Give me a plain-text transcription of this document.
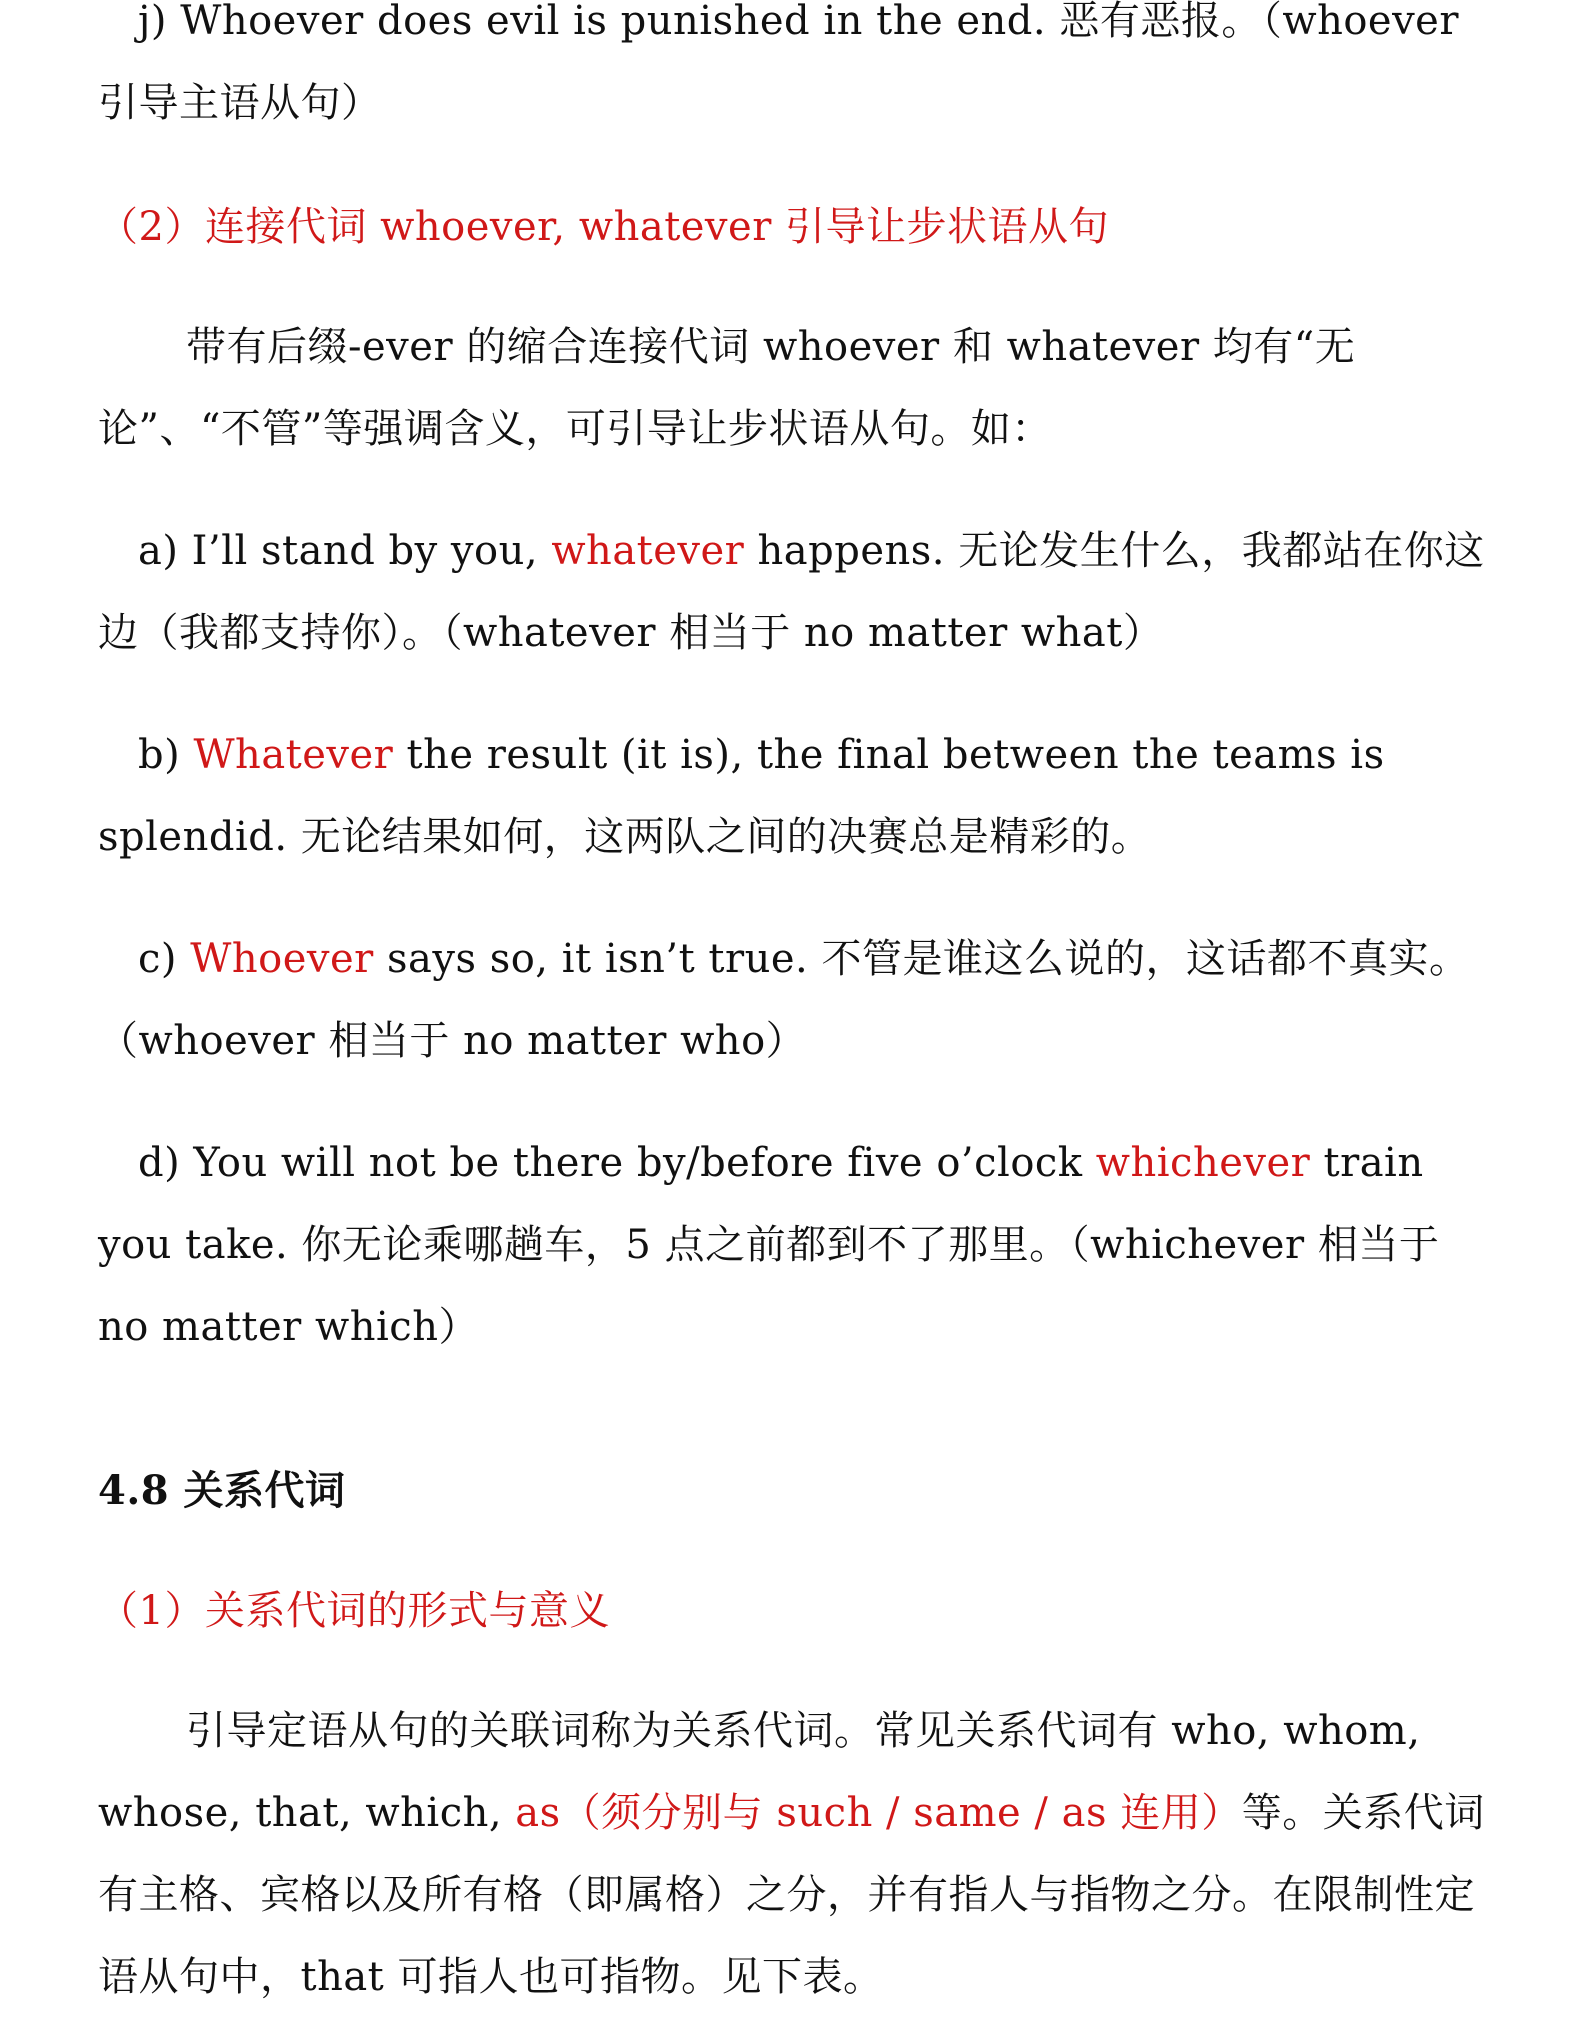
j) Whoever does evil is punished in the end. 恶有恶报。（whoever 引导主语从句）

（2）连接代词 whoever, whatever 引导让步状语从句

带有后缀-ever 的缩合连接代词 whoever 和 whatever 均有“无论”、“不管”等强调含义，可引导让步状语从句。如：

a) I’ll stand by you, whatever happens. 无论发生什么，我都站在你这边（我都支持你）。（whatever 相当于 no matter what）

b) Whatever the result (it is), the final between the teams is splendid. 无论结果如何，这两队之间的决赛总是精彩的。

c) Whoever says so, it isn’t true. 不管是谁这么说的，这话都不真实。
（whoever 相当于 no matter who）

d) You will not be there by/before five o’clock whichever train you take. 你无论乘哪趟车，5 点之前都到不了那里。（whichever 相当于 no matter which）

4.8 关系代词

（1）关系代词的形式与意义

引导定语从句的关联词称为关系代词。常见关系代词有 who, whom, whose, that, which, as（须分别与 such / same / as 连用）等。关系代词有主格、宾格以及所有格（即属格）之分，并有指人与指物之分。在限制性定语从句中，that 可指人也可指物。见下表。
